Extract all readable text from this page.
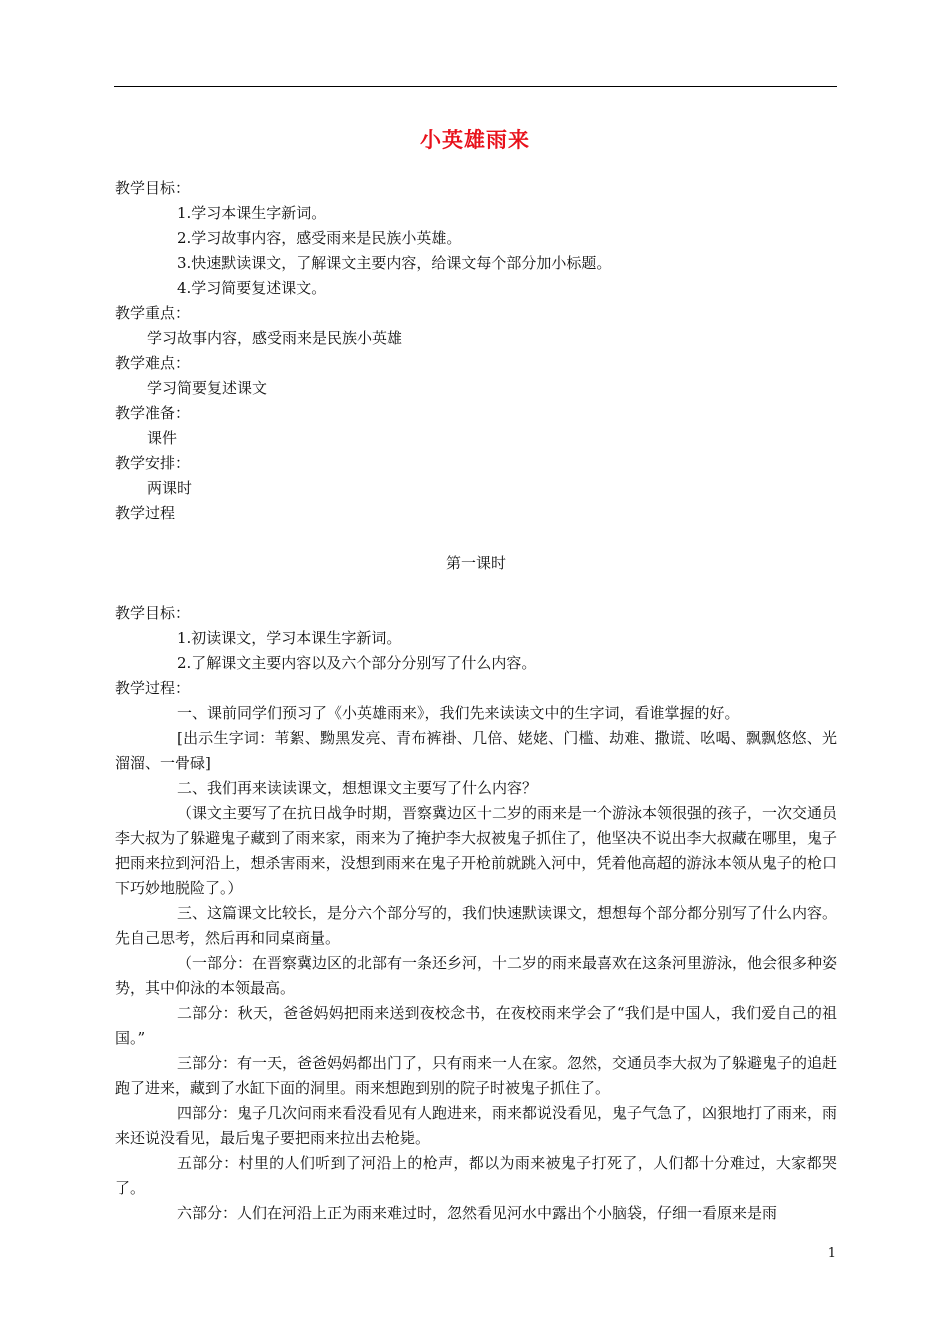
小英雄雨来
教学目标：
1.学习本课生字新词。
2.学习故事内容，感受雨来是民族小英雄。
3.快速默读课文，了解课文主要内容，给课文每个部分加小标题。
4.学习简要复述课文。
教学重点：
学习故事内容，感受雨来是民族小英雄
教学难点：
学习简要复述课文
教学准备：
课件
教学安排：
两课时
教学过程
第一课时
教学目标：
1.初读课文，学习本课生字新词。
2.了解课文主要内容以及六个部分分别写了什么内容。
教学过程：
一、课前同学们预习了《小英雄雨来》，我们先来读读文中的生字词，看谁掌握的好。
[出示生字词：苇絮、黝黑发亮、青布裤褂、几倍、姥姥、门槛、劫难、撒谎、吆喝、飘飘悠悠、光溜溜、一骨碌]
二、我们再来读读课文，想想课文主要写了什么内容？
（课文主要写了在抗日战争时期，晋察冀边区十二岁的雨来是一个游泳本领很强的孩子，一次交通员李大叔为了躲避鬼子藏到了雨来家，雨来为了掩护李大叔被鬼子抓住了，他坚决不说出李大叔藏在哪里，鬼子把雨来拉到河沿上，想杀害雨来，没想到雨来在鬼子开枪前就跳入河中，凭着他高超的游泳本领从鬼子的枪口下巧妙地脱险了。）
三、这篇课文比较长，是分六个部分写的，我们快速默读课文，想想每个部分都分别写了什么内容。先自己思考，然后再和同桌商量。
（一部分：在晋察冀边区的北部有一条还乡河，十二岁的雨来最喜欢在这条河里游泳，他会很多种姿势，其中仰泳的本领最高。
二部分：秋天，爸爸妈妈把雨来送到夜校念书，在夜校雨来学会了“我们是中国人，我们爱自己的祖国。”
三部分：有一天，爸爸妈妈都出门了，只有雨来一人在家。忽然，交通员李大叔为了躲避鬼子的追赶跑了进来，藏到了水缸下面的洞里。雨来想跑到别的院子时被鬼子抓住了。
四部分：鬼子几次问雨来看没看见有人跑进来，雨来都说没看见，鬼子气急了，凶狠地打了雨来，雨来还说没看见，最后鬼子要把雨来拉出去枪毙。
五部分：村里的人们听到了河沿上的枪声，都以为雨来被鬼子打死了，人们都十分难过，大家都哭了。
六部分：人们在河沿上正为雨来难过时，忽然看见河水中露出个小脑袋，仔细一看原来是雨
1
